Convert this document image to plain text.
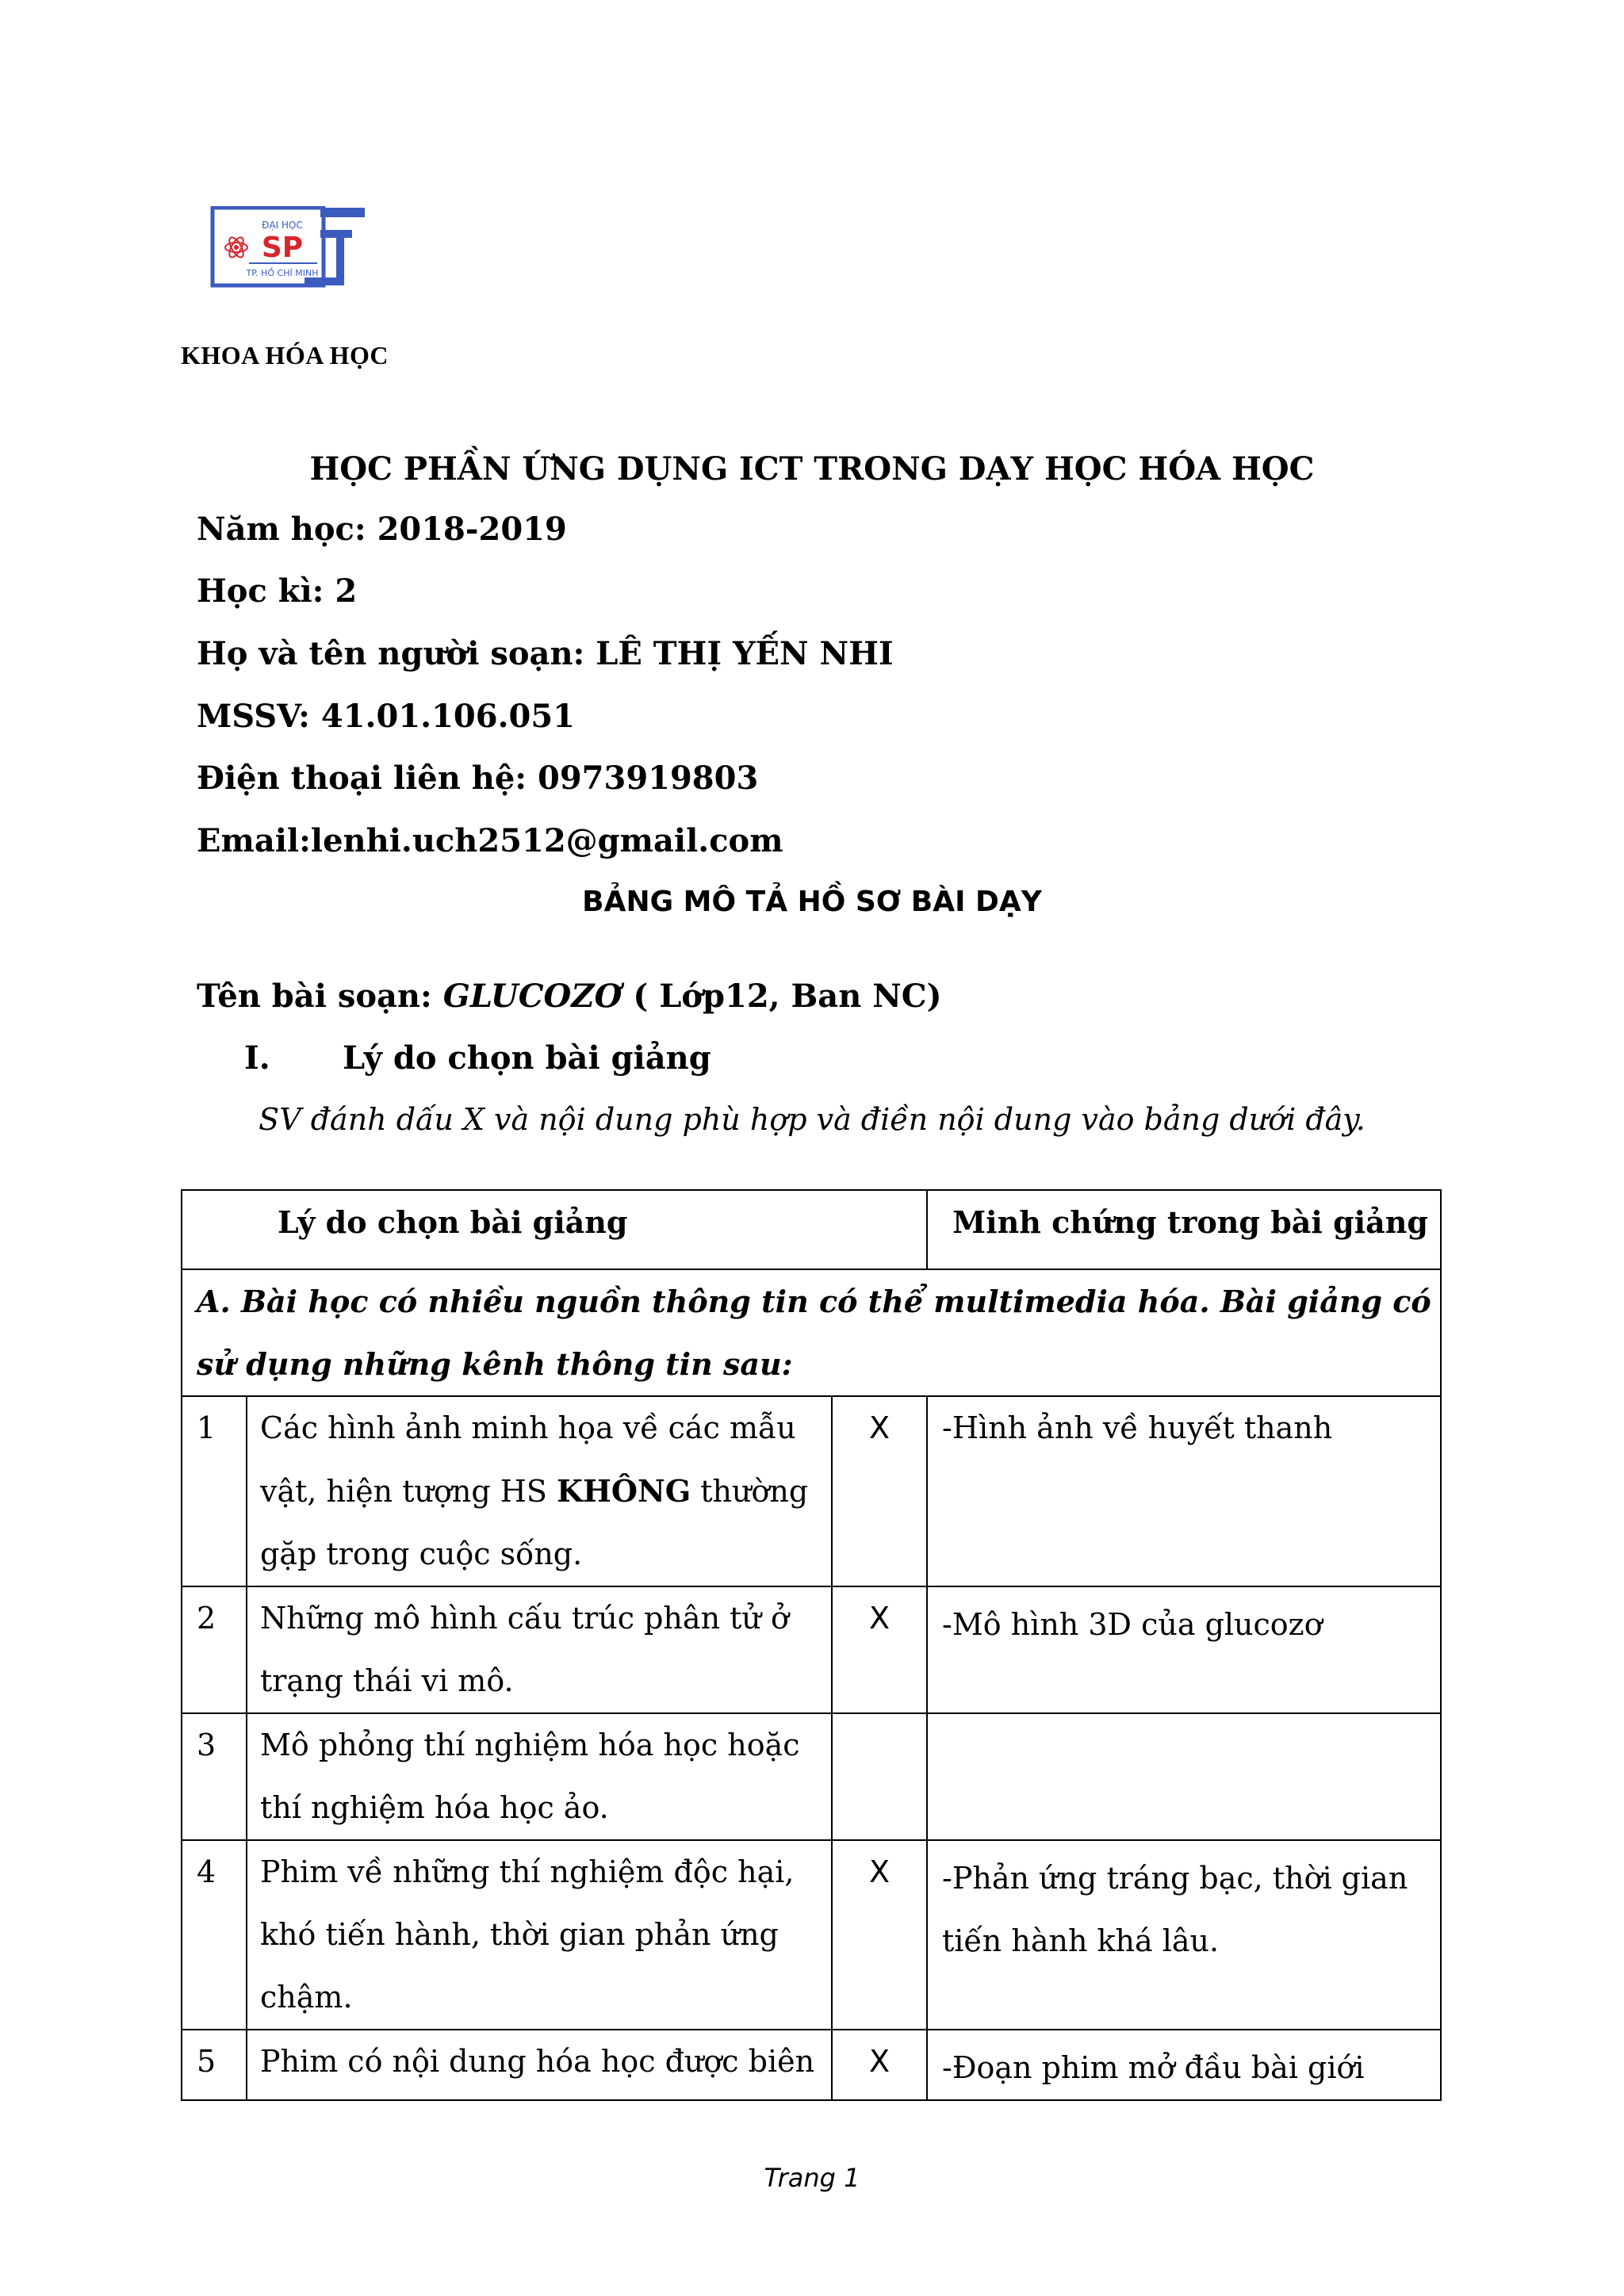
ĐẠI HỌC
SP
TP. HỒ CHÍ MINH
KHOA HÓA HỌC
HỌC PHẦN ỨNG DỤNG ICT TRONG DẠY HỌC HÓA HỌC
Năm học: 2018-2019
Học kì: 2
Họ và tên người soạn: LÊ THỊ YẾN NHI
MSSV: 41.01.106.051
Điện thoại liên hệ: 0973919803
Email:lenhi.uch2512@gmail.com
BẢNG MÔ TẢ HỒ SƠ BÀI DẠY
Tên bài soạn: GLUCOZƠ ( Lớp12, Ban NC)
I. Lý do chọn bài giảng
SV đánh dấu X và nội dung phù hợp và điền nội dung vào bảng dưới đây.
Lý do chọn bài giảng			Minh chứng trong bài giảng
A. Bài học có nhiều nguồn thông tin có thể multimedia hóa. Bài giảng có sử dụng những kênh thông tin sau:			
1	Các hình ảnh minh họa về các mẫu vật, hiện tượng HS KHÔNG thường gặp trong cuộc sống.	X	-Hình ảnh về huyết thanh
2	Những mô hình cấu trúc phân tử ở trạng thái vi mô.	X	-Mô hình 3D của glucozơ
3	Mô phỏng thí nghiệm hóa học hoặc thí nghiệm hóa học ảo.		
4	Phim về những thí nghiệm độc hại, khó tiến hành, thời gian phản ứng chậm.	X	-Phản ứng tráng bạc, thời gian tiến hành khá lâu.
5	Phim có nội dung hóa học được biên	X	-Đoạn phim mở đầu bài giới
Trang 1
